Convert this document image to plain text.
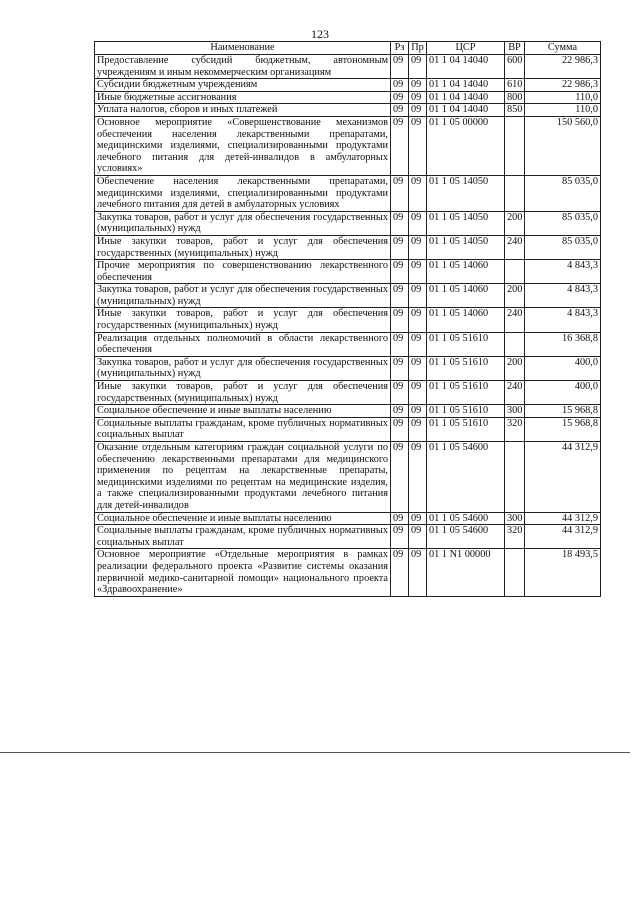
123
Наименование	Рз	Пр	ЦСР	ВР	Сумма
Предоставление субсидий бюджетным, автономным учреждениям и иным некоммерческим организациям	09	09	01 1 04 14040	600	22 986,3
Субсидии бюджетным учреждениям	09	09	01 1 04 14040	610	22 986,3
Иные бюджетные ассигнования	09	09	01 1 04 14040	800	110,0
Уплата налогов, сборов и иных платежей	09	09	01 1 04 14040	850	110,0
Основное мероприятие «Совершенствование механизмов обеспечения населения лекарственными препаратами, медицинскими изделиями, специализированными продуктами лечебного питания для детей-инвалидов в амбулаторных условиях»	09	09	01 1 05 00000		150 560,0
Обеспечение населения лекарственными препаратами, медицинскими изделиями, специализированными продуктами лечебного питания для детей в амбулаторных условиях	09	09	01 1 05 14050		85 035,0
Закупка товаров, работ и услуг для обеспечения государственных (муниципальных) нужд	09	09	01 1 05 14050	200	85 035,0
Иные закупки товаров, работ и услуг для обеспечения государственных (муниципальных) нужд	09	09	01 1 05 14050	240	85 035,0
Прочие мероприятия по совершенствованию лекарственного обеспечения	09	09	01 1 05 14060		4 843,3
Закупка товаров, работ и услуг для обеспечения государственных (муниципальных) нужд	09	09	01 1 05 14060	200	4 843,3
Иные закупки товаров, работ и услуг для обеспечения государственных (муниципальных) нужд	09	09	01 1 05 14060	240	4 843,3
Реализация отдельных полномочий в области лекарственного обеспечения	09	09	01 1 05 51610		16 368,8
Закупка товаров, работ и услуг для обеспечения государственных (муниципальных) нужд	09	09	01 1 05 51610	200	400,0
Иные закупки товаров, работ и услуг для обеспечения государственных (муниципальных) нужд	09	09	01 1 05 51610	240	400,0
Социальное обеспечение и иные выплаты населению	09	09	01 1 05 51610	300	15 968,8
Социальные выплаты гражданам, кроме публичных нормативных социальных выплат	09	09	01 1 05 51610	320	15 968,8
Оказание отдельным категориям граждан социальной услуги по обеспечению лекарственными препаратами для медицинского применения по рецептам на лекарственные препараты, медицинскими изделиями по рецептам на медицинские изделия, а также специализированными продуктами лечебного питания для детей-инвалидов	09	09	01 1 05 54600		44 312,9
Социальное обеспечение и иные выплаты населению	09	09	01 1 05 54600	300	44 312,9
Социальные выплаты гражданам, кроме публичных нормативных социальных выплат	09	09	01 1 05 54600	320	44 312,9
Основное мероприятие «Отдельные мероприятия в рамках реализации федерального проекта «Развитие системы оказания первичной медико-санитарной помощи» национального проекта «Здравоохранение»	09	09	01 1 N1 00000		18 493,5
